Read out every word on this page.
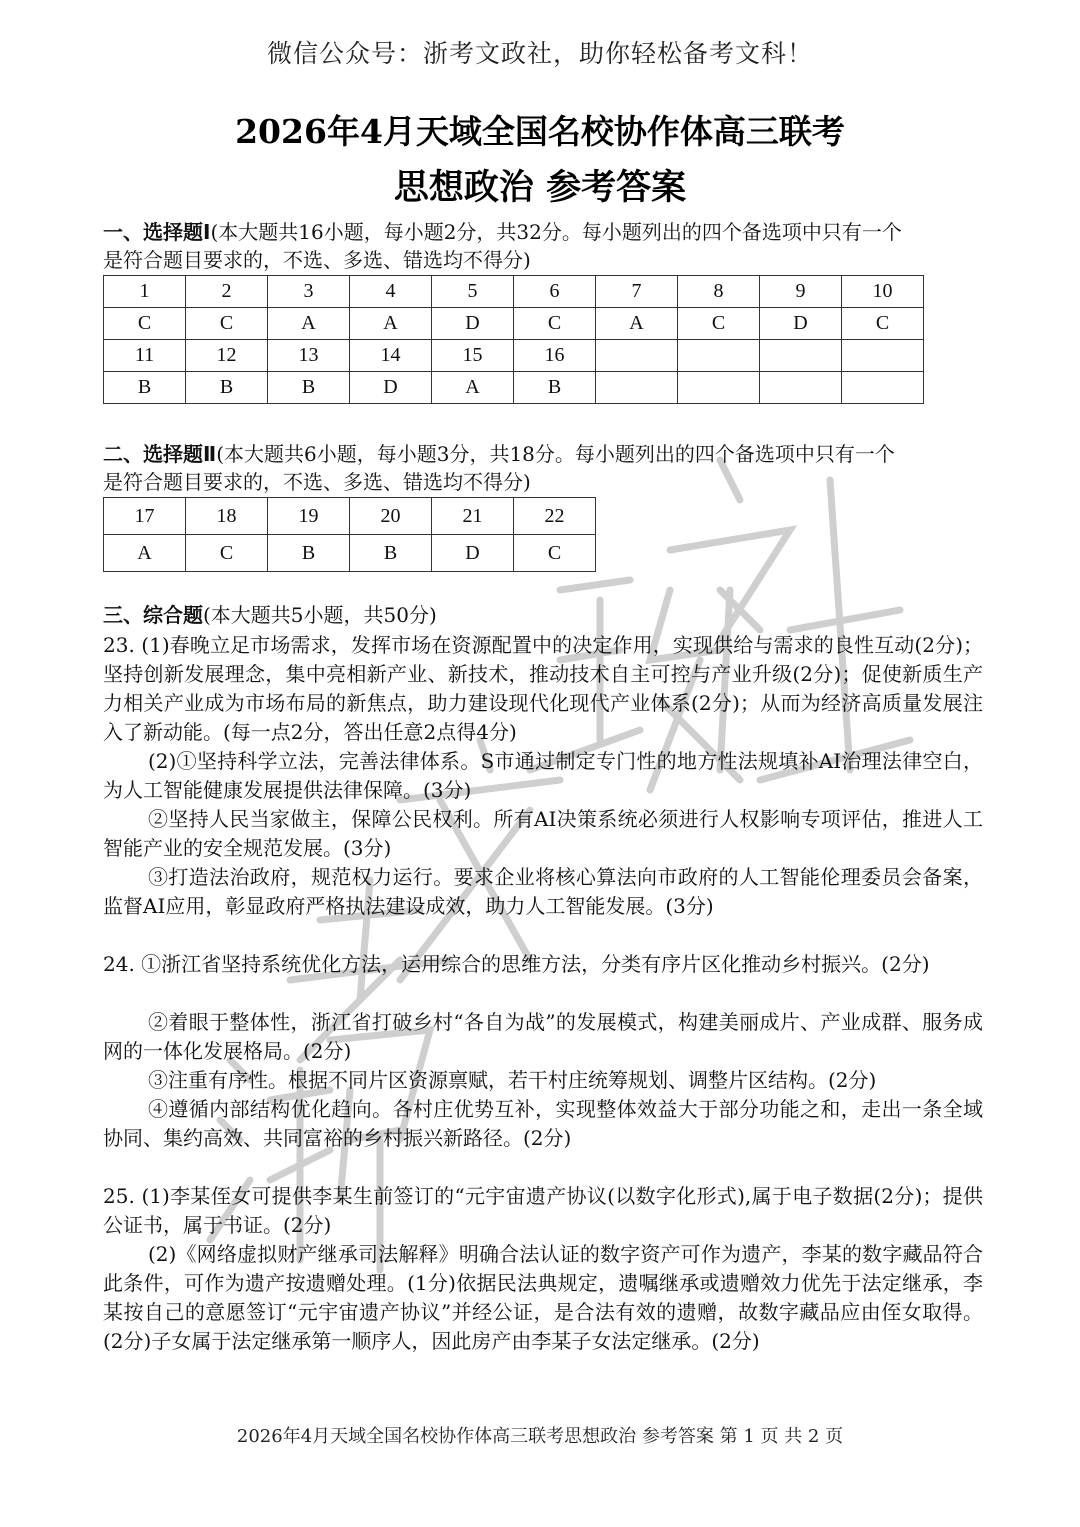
微信公众号：浙考文政社，助你轻松备考文科！
2026年4月天域全国名校协作体高三联考
思想政治 参考答案
一、选择题Ⅰ(本大题共16小题，每小题2分，共32分。每小题列出的四个备选项中只有一个
是符合题目要求的，不选、多选、错选均不得分)
1	2	3	4	5	6	7	8	9	10
C	C	A	A	D	C	A	C	D	C
11	12	13	14	15	16				
B	B	B	D	A	B				
二、选择题Ⅱ(本大题共6小题，每小题3分，共18分。每小题列出的四个备选项中只有一个
是符合题目要求的，不选、多选、错选均不得分)
17	18	19	20	21	22
A	C	B	B	D	C
三、综合题(本大题共5小题，共50分)
23. (1)春晚立足市场需求，发挥市场在资源配置中的决定作用，实现供给与需求的良性互动(2分)；坚持创新发展理念，集中亮相新产业、新技术，推动技术自主可控与产业升级(2分)；促使新质生产力相关产业成为市场布局的新焦点，助力建设现代化现代产业体系(2分)；从而为经济高质量发展注入了新动能。(每一点2分，答出任意2点得4分)
(2)①坚持科学立法，完善法律体系。S市通过制定专门性的地方性法规填补AI治理法律空白，为人工智能健康发展提供法律保障。(3分)
②坚持人民当家做主，保障公民权利。所有AI决策系统必须进行人权影响专项评估，推进人工智能产业的安全规范发展。(3分)
③打造法治政府，规范权力运行。要求企业将核心算法向市政府的人工智能伦理委员会备案，监督AI应用，彰显政府严格执法建设成效，助力人工智能发展。(3分)
24. ①浙江省坚持系统优化方法，运用综合的思维方法，分类有序片区化推动乡村振兴。(2分)
②着眼于整体性，浙江省打破乡村“各自为战”的发展模式，构建美丽成片、产业成群、服务成网的一体化发展格局。(2分)
③注重有序性。根据不同片区资源禀赋，若干村庄统筹规划、调整片区结构。(2分)
④遵循内部结构优化趋向。各村庄优势互补，实现整体效益大于部分功能之和，走出一条全域协同、集约高效、共同富裕的乡村振兴新路径。(2分)
25. (1)李某侄女可提供李某生前签订的“元宇宙遗产协议(以数字化形式),属于电子数据(2分)；提供公证书，属于书证。(2分)
(2)《网络虚拟财产继承司法解释》明确合法认证的数字资产可作为遗产，李某的数字藏品符合此条件，可作为遗产按遗赠处理。(1分)依据民法典规定，遗嘱继承或遗赠效力优先于法定继承，李某按自己的意愿签订“元宇宙遗产协议”并经公证，是合法有效的遗赠，故数字藏品应由侄女取得。(2分)子女属于法定继承第一顺序人，因此房产由李某子女法定继承。(2分)
2026年4月天域全国名校协作体高三联考思想政治 参考答案 第 1 页 共 2 页
